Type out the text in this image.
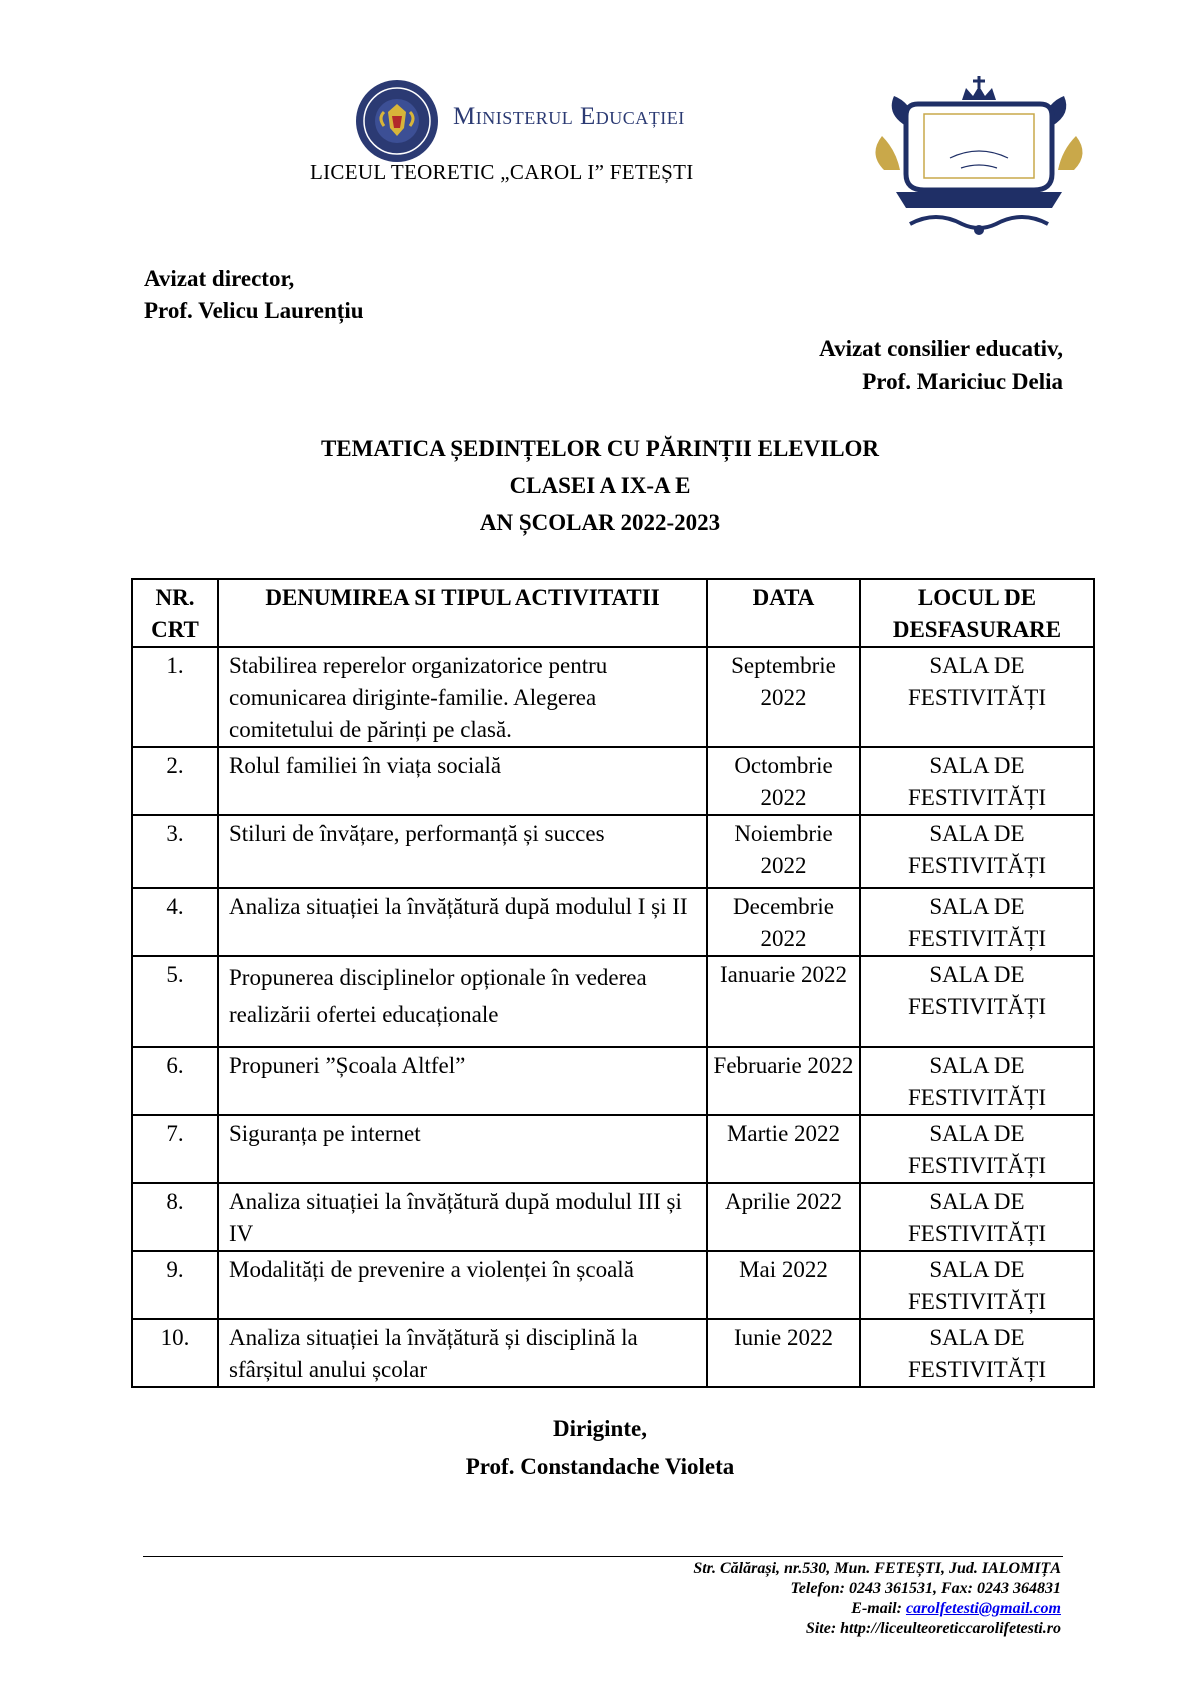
Ministerul Educației
LICEUL TEORETIC „CAROL I” FETEȘTI
Avizat director,
Prof. Velicu Laurențiu
Avizat consilier educativ,
Prof. Mariciuc Delia
TEMATICA ȘEDINȚELOR CU PĂRINȚII ELEVILOR
CLASEI A IX-A E
AN ȘCOLAR 2022-2023
NR. CRT	DENUMIREA SI TIPUL ACTIVITATII	DATA	LOCUL DE DESFASURARE
1.	Stabilirea reperelor organizatorice pentru comunicarea diriginte-familie. Alegerea comitetului de părinți pe clasă.	Septembrie 2022	SALA DE FESTIVITĂȚI
2.	Rolul familiei în viața socială	Octombrie 2022	SALA DE FESTIVITĂȚI
3.	Stiluri de învățare, performanță și succes	Noiembrie 2022	SALA DE FESTIVITĂȚI
4.	Analiza situației la învățătură după modulul I și II	Decembrie 2022	SALA DE FESTIVITĂȚI
5.	Propunerea disciplinelor opționale în vederea realizării ofertei educaționale	Ianuarie 2022	SALA DE FESTIVITĂȚI
6.	Propuneri ”Școala Altfel”	Februarie 2022	SALA DE FESTIVITĂȚI
7.	Siguranța pe internet	Martie 2022	SALA DE FESTIVITĂȚI
8.	Analiza situației la învățătură după modulul III și IV	Aprilie 2022	SALA DE FESTIVITĂȚI
9.	Modalități de prevenire a violenței în școală	Mai 2022	SALA DE FESTIVITĂȚI
10.	Analiza situației la învățătură și disciplină la sfârșitul anului școlar	Iunie 2022	SALA DE FESTIVITĂȚI
Diriginte,
Prof. Constandache Violeta
Str. Călărași, nr.530, Mun. FETEȘTI, Jud. IALOMIȚA
Telefon: 0243 361531, Fax: 0243 364831
E-mail: carolfetesti@gmail.com
Site: http://liceulteoreticcarolifetesti.ro
